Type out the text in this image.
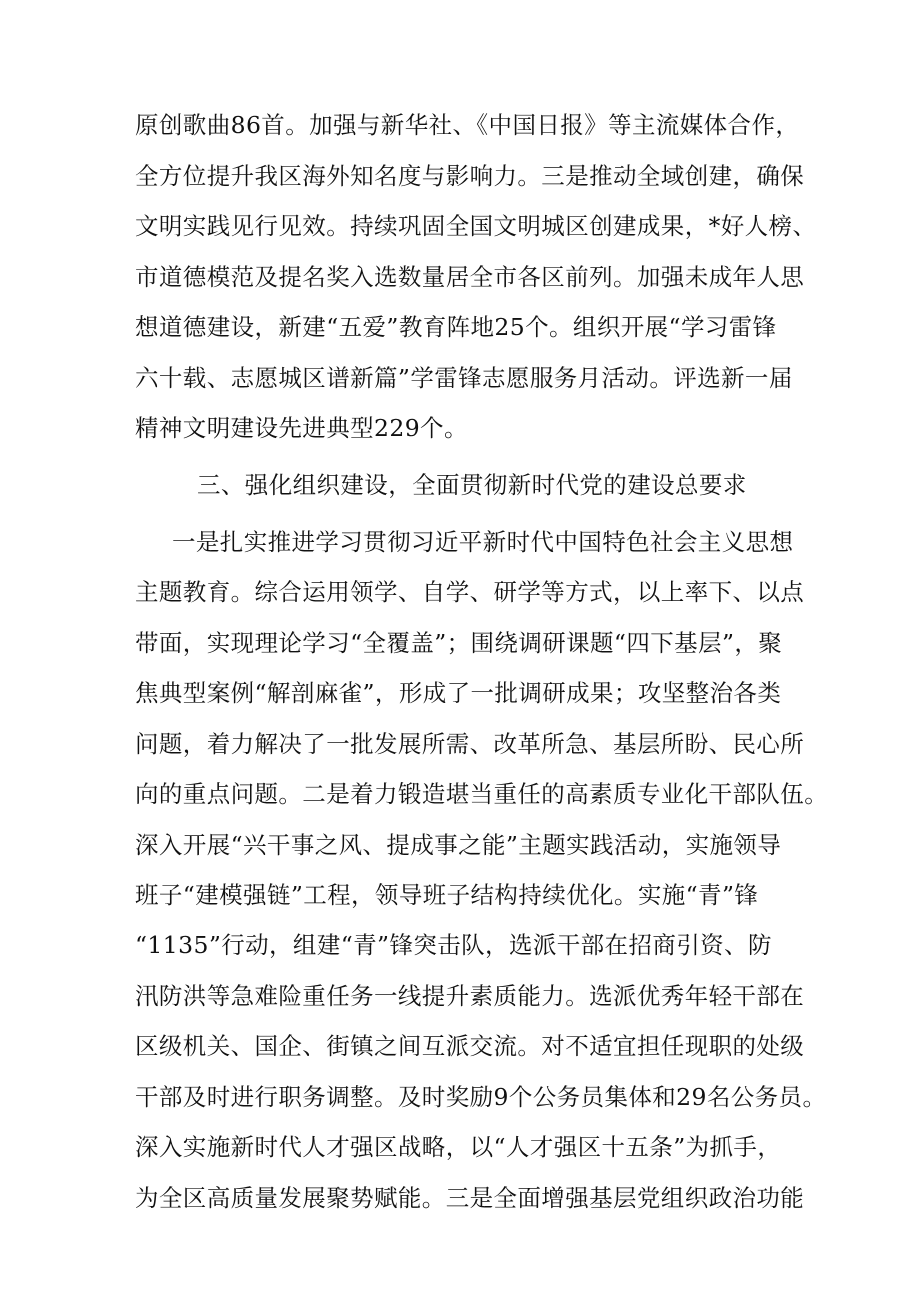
原创歌曲86首。加强与新华社、《中国日报》等主流媒体合作，
全方位提升我区海外知名度与影响力。三是推动全域创建，确保
文明实践见行见效。持续巩固全国文明城区创建成果，*好人榜、
市道德模范及提名奖入选数量居全市各区前列。加强未成年人思
想道德建设，新建“五爱”教育阵地25个。组织开展“学习雷锋
六十载、志愿城区谱新篇”学雷锋志愿服务月活动。评选新一届
精神文明建设先进典型229个。
三、强化组织建设，全面贯彻新时代党的建设总要求
一是扎实推进学习贯彻习近平新时代中国特色社会主义思想
主题教育。综合运用领学、自学、研学等方式，以上率下、以点
带面，实现理论学习“全覆盖”；围绕调研课题“四下基层”，聚
焦典型案例“解剖麻雀”，形成了一批调研成果；攻坚整治各类
问题，着力解决了一批发展所需、改革所急、基层所盼、民心所
向的重点问题。二是着力锻造堪当重任的高素质专业化干部队伍。
深入开展“兴干事之风、提成事之能”主题实践活动，实施领导
班子“建模强链”工程，领导班子结构持续优化。实施“青”锋
“1135”行动，组建“青”锋突击队，选派干部在招商引资、防
汛防洪等急难险重任务一线提升素质能力。选派优秀年轻干部在
区级机关、国企、街镇之间互派交流。对不适宜担任现职的处级
干部及时进行职务调整。及时奖励9个公务员集体和29名公务员。
深入实施新时代人才强区战略，以“人才强区十五条”为抓手，
为全区高质量发展聚势赋能。三是全面增强基层党组织政治功能
